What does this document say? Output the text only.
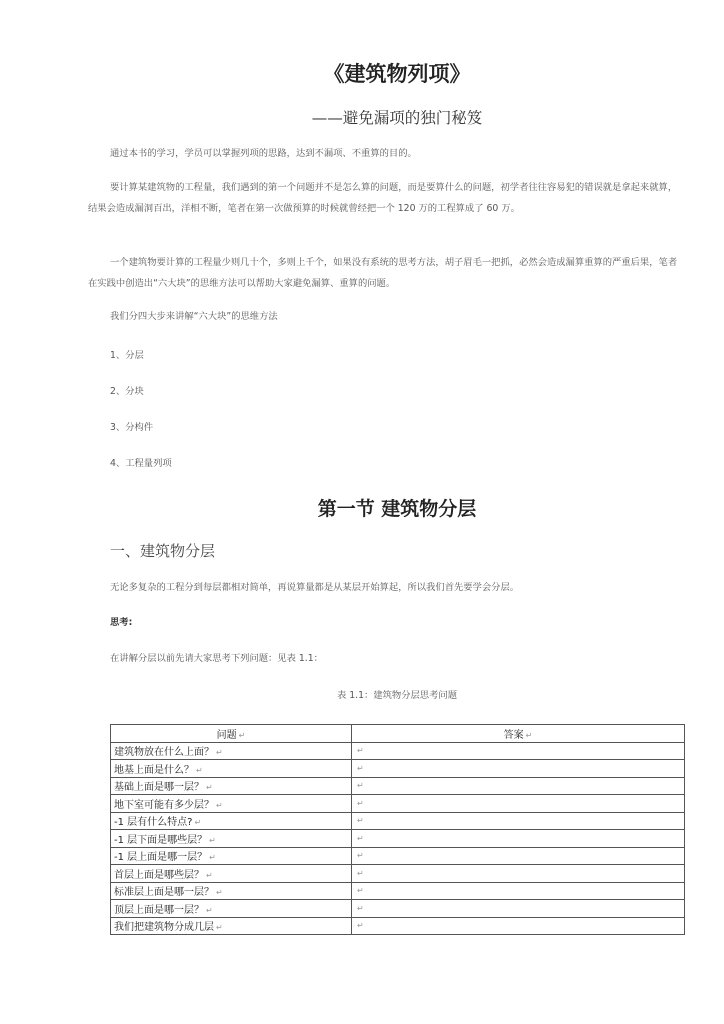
《建筑物列项》
——避免漏项的独门秘笈
通过本书的学习，学员可以掌握列项的思路，达到不漏项、不重算的目的。
要计算某建筑物的工程量，我们遇到的第一个问题并不是怎么算的问题，而是要算什么的问题，初学者往往容易犯的错误就是拿起来就算，结果会造成漏洞百出，洋相不断，笔者在第一次做预算的时候就曾经把一个 120 万的工程算成了 60 万。
一个建筑物要计算的工程量少则几十个，多则上千个，如果没有系统的思考方法，胡子眉毛一把抓，必然会造成漏算重算的严重后果，笔者在实践中创造出“六大块”的思维方法可以帮助大家避免漏算、重算的问题。
我们分四大步来讲解“六大块”的思维方法
1、分层
2、分块
3、分构件
4、工程量列项
第一节 建筑物分层
一、建筑物分层
无论多复杂的工程分到每层都相对简单，再说算量都是从某层开始算起，所以我们首先要学会分层。
思考:
在讲解分层以前先请大家思考下列问题：见表 1.1：
表 1.1：建筑物分层思考问题
问题 ↵	答案 ↵
建筑物放在什么上面？ ↵	↵
地基上面是什么？ ↵	↵
基础上面是哪一层？ ↵	↵
地下室可能有多少层？ ↵	↵
-1 层有什么特点? ↵	↵
-1 层下面是哪些层？ ↵	↵
-1 层上面是哪一层？ ↵	↵
首层上面是哪些层？ ↵	↵
标准层上面是哪一层？ ↵	↵
顶层上面是哪一层？ ↵	↵
我们把建筑物分成几层 ↵	↵
